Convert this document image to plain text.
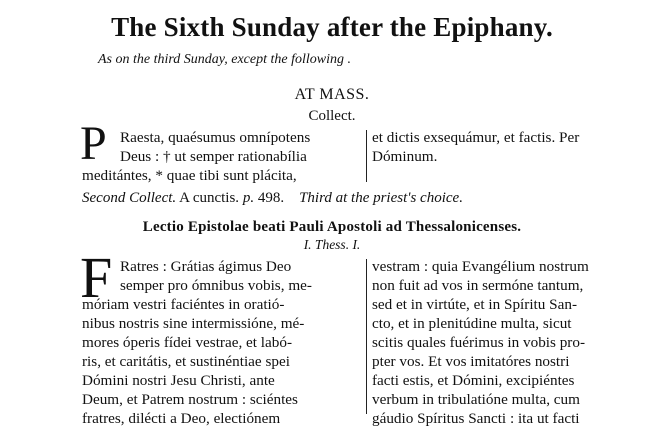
The Sixth Sunday after the Epiphany.
As on the third Sunday, except the following .
AT MASS.
Collect.
P Raesta, quaésumus omnípotens
Deus : † ut semper rationabília
meditántes, * quae tibi sunt plácita,
et dictis exsequámur, et factis. Per
Dóminum.
Second Collect. A cunctis. p. 498. Third at the priest's choice.
Lectio Epistolae beati Pauli Apostoli ad Thessalonicenses.
I. Thess. I.
F Ratres : Grátias ágimus Deo
semper pro ómnibus vobis, me-
móriam vestri faciéntes in oratió-
nibus nostris sine intermissióne, mé-
mores óperis fídei vestrae, et labó-
ris, et caritátis, et sustinéntiae spei
Dómini nostri Jesu Christi, ante
Deum, et Patrem nostrum : sciéntes
fratres, dilécti a Deo, electiónem
vestram : quia Evangélium nostrum
non fuit ad vos in sermóne tantum,
sed et in virtúte, et in Spíritu San-
cto, et in plenitúdine multa, sicut
scitis quales fuérimus in vobis pro-
pter vos. Et vos imitatóres nostri
facti estis, et Dómini, excipiéntes
verbum in tribulatióne multa, cum
gáudio Spíritus Sancti : ita ut facti
